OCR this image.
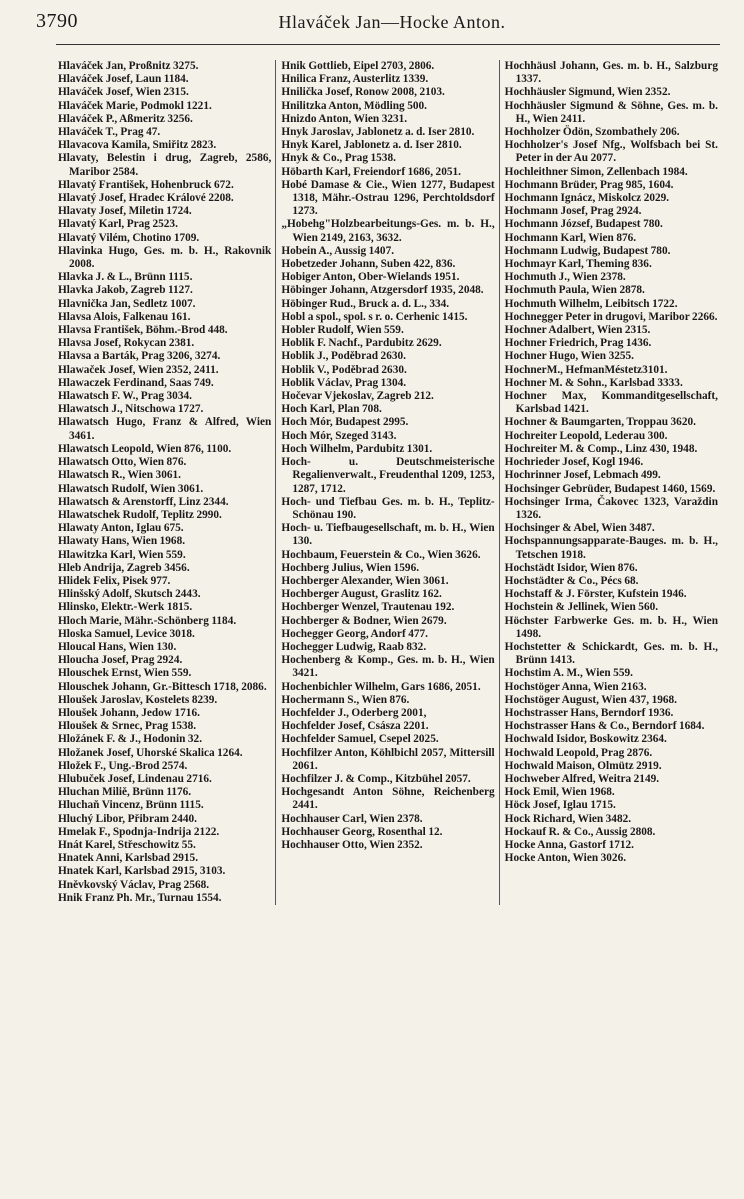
3790	Hlaváček Jan—Hocke Anton.

Hlaváček Jan, Proßnitz 3275.

Hlaváček Josef, Laun 1184.

Hlaváček Josef, Wien 2315.

Hlaváček Marie, Podmokl 1221.

Hlaváček P., Aßmeritz 3256.

Hlaváček T., Prag 47.

Hlavacova Kamila, Smiřitz 2823.

Hlavaty, Belestin i drug, Zagreb, 2586, Maribor 2584.

Hlavatý František, Hohenbruck 672.

Hlavatý Josef, Hradec Králové 2208.

Hlavaty Josef, Miletin 1724.

Hlavatý Karl, Prag 2523.

Hlavatý Vilém, Chotino 1709.

Hlavinka Hugo, Ges. m. b. H., Rakovnik 2008.

Hlavka J. & L., Brünn 1115.

Hlavka Jakob, Zagreb 1127.

Hlavnička Jan, Sedletz 1007.

Hlavsa Alois, Falkenau 161.

Hlavsa František, Böhm.-Brod 448.

Hlavsa Josef, Rokycan 2381.

Hlavsa a Barták, Prag 3206, 3274.

Hlawaček Josef, Wien 2352, 2411.

Hlawaczek Ferdinand, Saas 749.

Hlawatsch F. W., Prag 3034.

Hlawatsch J., Nitschowa 1727.

Hlawatsch Hugo, Franz & Alfred, Wien 3461.

Hlawatsch Leopold, Wien 876, 1100.

Hlawatsch Otto, Wien 876.

Hlawatsch R., Wien 3061.

Hlawatsch Rudolf, Wien 3061.

Hlawatsch & Arenstorff, Linz 2344.

Hlawatschek Rudolf, Teplitz 2990.

Hlawaty Anton, Iglau 675.

Hlawaty Hans, Wien 1968.

Hlawitzka Karl, Wien 559.

Hleb Andrija, Zagreb 3456.

Hlidek Felix, Pisek 977.

Hlinšský Adolf, Skutsch 2443.

Hlinsko, Elektr.-Werk 1815.

Hloch Marie, Mähr.-Schönberg 1184.

Hloska Samuel, Levice 3018.

Hloucal Hans, Wien 130.

Hloucha Josef, Prag 2924.

Hlouschek Ernst, Wien 559.

Hlouschek Johann, Gr.-Bittesch 1718, 2086.

Hloušek Jaroslav, Kostelets 8239.

Hloušek Johann, Jedow 1716.

Hloušek & Srnec, Prag 1538.

Hložánek F. & J., Hodonin 32.

Hložanek Josef, Uhorské Skalica 1264.

Hložek F., Ung.-Brod 2574.

Hlubuček Josef, Lindenau 2716.

Hluchan Miliě, Brünn 1176.

Hluchaň Vincenz, Brünn 1115.

Hluchý Libor, Přibram 2440.

Hmelak F., Spodnja-Indrija 2122.

Hnát Karel, Střeschowitz 55.

Hnatek Anni, Karlsbad 2915.

Hnatek Karl, Karlsbad 2915, 3103.

Hněvkovský Václav, Prag 2568.

Hnik Franz Ph. Mr., Turnau 1554.

Hnik Gottlieb, Eipel 2703, 2806.

Hnilica Franz, Austerlitz 1339.

Hnilička Josef, Ronow 2008, 2103.

Hnilitzka Anton, Mödling 500.

Hnizdo Anton, Wien 3231.

Hnyk Jaroslav, Jablonetz a. d. Iser 2810.

Hnyk Karel, Jablonetz a. d. Iser 2810.

Hnyk & Co., Prag 1538.

Höbarth Karl, Freiendorf 1686, 2051.

Hobé Damase & Cie., Wien 1277, Budapest 1318, Mähr.-Ostrau 1296, Perchtoldsdorf 1273.

„Hobehg"Holzbearbeitungs-Ges. m. b. H., Wien 2149, 2163, 3632.

Hobein A., Aussig 1407.

Hobetzeder Johann, Suben 422, 836.

Hobiger Anton, Ober-Wielands 1951.

Höbinger Johann, Atzgersdorf 1935, 2048.

Höbinger Rud., Bruck a. d. L., 334.

Hobl a spol., spol. s r. o. Cerhenic 1415.

Hobler Rudolf, Wien 559.

Hoblik F. Nachf., Pardubitz 2629.

Hoblik J., Poděbrad 2630.

Hoblik V., Poděbrad 2630.

Hoblik Václav, Prag 1304.

Hočevar Vjekoslav, Zagreb 212.

Hoch Karl, Plan 708.

Hoch Mór, Budapest 2995.

Hoch Mór, Szeged 3143.

Hoch Wilhelm, Pardubitz 1301.

Hoch- u. Deutschmeisterische Regalienverwalt., Freudenthal 1209, 1253, 1287, 1712.

Hoch- und Tiefbau Ges. m. b. H., Teplitz-Schönau 190.

Hoch- u. Tiefbaugesellschaft, m. b. H., Wien 130.

Hochbaum, Feuerstein & Co., Wien 3626.

Hochberg Julius, Wien 1596.

Hochberger Alexander, Wien 3061.

Hochberger August, Graslitz 162.

Hochberger Wenzel, Trautenau 192.

Hochberger & Bodner, Wien 2679.

Hochegger Georg, Andorf 477.

Hochegger Ludwig, Raab 832.

Hochenberg & Komp., Ges. m. b. H., Wien 3421.

Hochenbichler Wilhelm, Gars 1686, 2051.

Hochermann S., Wien 876.

Hochfelder J., Oderberg 2001,

Hochfelder Josef, Császa 2201.

Hochfelder Samuel, Csepel 2025.

Hochfilzer Anton, Köhlbichl 2057, Mittersill 2061.

Hochfilzer J. & Comp., Kitzbühel 2057.

Hochgesandt Anton Söhne, Reichenberg 2441.

Hochhauser Carl, Wien 2378.

Hochhauser Georg, Rosenthal 12.

Hochhauser Otto, Wien 2352.

Hochhäusl Johann, Ges. m. b. H., Salzburg 1337.

Hochhäusler Sigmund, Wien 2352.

Hochhäusler Sigmund & Söhne, Ges. m. b. H., Wien 2411.

Hochholzer Ödön, Szombathely 206.

Hochholzer's Josef Nfg., Wolfsbach bei St. Peter in der Au 2077.

Hochleithner Simon, Zellenbach 1984.

Hochmann Brüder, Prag 985, 1604.

Hochmann Ignácz, Miskolcz 2029.

Hochmann Josef, Prag 2924.

Hochmann József, Budapest 780.

Hochmann Karl, Wien 876.

Hochmann Ludwig, Budapest 780.

Hochmayr Karl, Theming 836.

Hochmuth J., Wien 2378.

Hochmuth Paula, Wien 2878.

Hochmuth Wilhelm, Leibitsch 1722.

Hochnegger Peter in drugovi, Maribor 2266.

Hochner Adalbert, Wien 2315.

Hochner Friedrich, Prag 1436.

Hochner Hugo, Wien 3255.

HochnerM., HefmanMéstetz3101.

Hochner M. & Sohn., Karlsbad 3333.

Hochner Max, Kommanditgesellschaft, Karlsbad 1421.

Hochner & Baumgarten, Troppau 3620.

Hochreiter Leopold, Lederau 300.

Hochreiter M. & Comp., Linz 430, 1948.

Hochrieder Josef, Kogl 1946.

Hochrinner Josef, Lebmach 499.

Hochsinger Gebrüder, Budapest 1460, 1569.

Hochsinger Irma, Čakovec 1323, Varaždin 1326.

Hochsinger & Abel, Wien 3487.

Hochspannungsapparate-Bauges. m. b. H., Tetschen 1918.

Hochstädt Isidor, Wien 876.

Hochstädter & Co., Pécs 68.

Hochstaff & J. Förster, Kufstein 1946.

Hochstein & Jellinek, Wien 560.

Höchster Farbwerke Ges. m. b. H., Wien 1498.

Hochstetter & Schickardt, Ges. m. b. H., Brünn 1413.

Hochstim A. M., Wien 559.

Hochstöger Anna, Wien 2163.

Hochstöger August, Wien 437, 1968.

Hochstrasser Hans, Berndorf 1936.

Hochstrasser Hans & Co., Berndorf 1684.

Hochwald Isidor, Boskowitz 2364.

Hochwald Leopold, Prag 2876.

Hochwald Maison, Olmütz 2919.

Hochweber Alfred, Weitra 2149.

Hock Emil, Wien 1968.

Höck Josef, Iglau 1715.

Hock Richard, Wien 3482.

Hockauf R. & Co., Aussig 2808.

Hocke Anna, Gastorf 1712.

Hocke Anton, Wien 3026.
